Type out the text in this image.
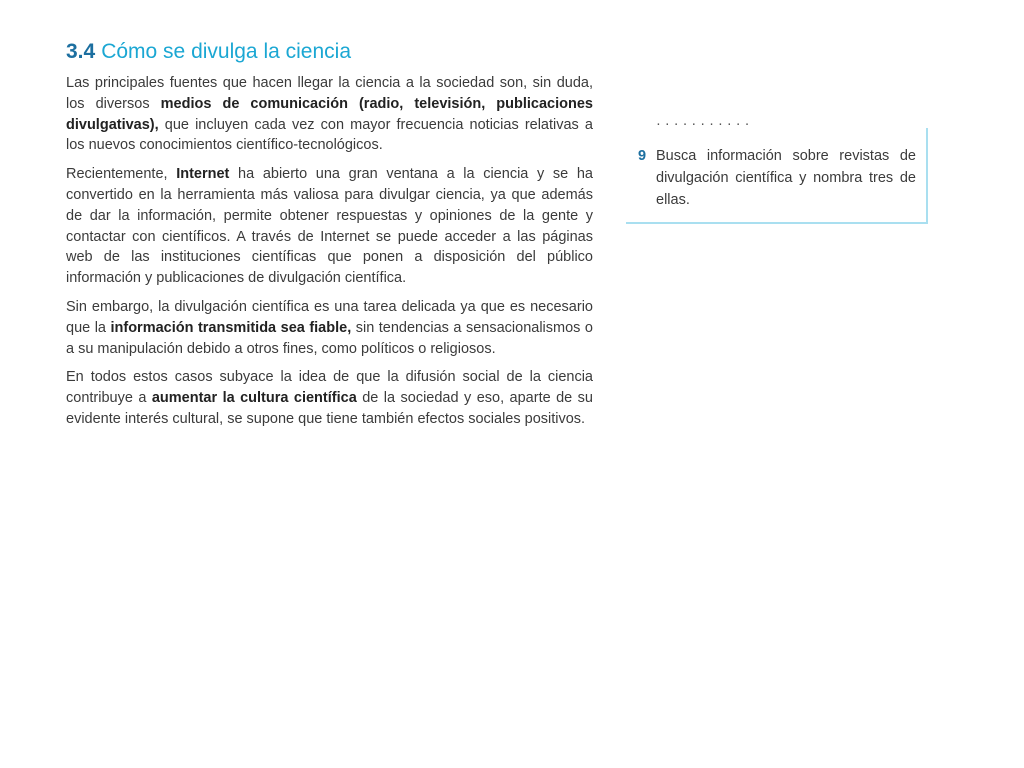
3.4 Cómo se divulga la ciencia

Las principales fuentes que hacen llegar la ciencia a la sociedad son, sin duda, los diversos medios de comunicación (radio, televisión, publicaciones divulgativas), que incluyen cada vez con mayor frecuencia noticias relativas a los nuevos conocimientos científico-tecnológicos.

Recientemente, Internet ha abierto una gran ventana a la ciencia y se ha convertido en la herramienta más valiosa para divulgar ciencia, ya que además de dar la información, permite obtener respuestas y opiniones de la gente y contactar con científicos. A través de Internet se puede acceder a las páginas web de las instituciones científicas que ponen a disposición del público información y publicaciones de divulgación científica.

Sin embargo, la divulgación científica es una tarea delicada ya que es necesario que la información transmitida sea fiable, sin tendencias a sensacionalismos o a su manipulación debido a otros fines, como políticos o religiosos.

En todos estos casos subyace la idea de que la difusión social de la ciencia contribuye a aumentar la cultura científica de la sociedad y eso, aparte de su evidente interés cultural, se supone que tiene también efectos sociales positivos.

· · · · · · · · · · ·
9 Busca información sobre revistas de divulgación científica y nombra tres de ellas.
